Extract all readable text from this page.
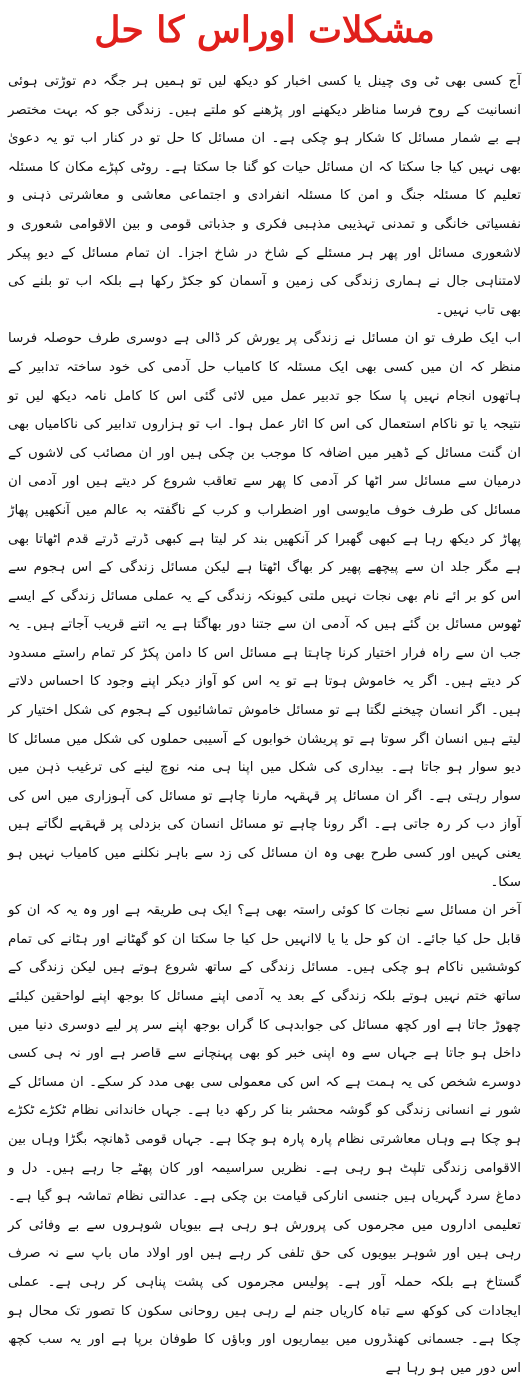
مشکلات اوراس کا حل

آج کسی بھی ٹی وی چینل یا کسی اخبار کو دیکھ لیں تو ہمیں ہر جگہ دم توڑتی ہوئی انسانیت کے روح فرسا مناظر دیکھنے اور پڑھنے کو ملتے ہیں۔ زندگی جو کہ بہت مختصر ہے بے شمار مسائل کا شکار ہو چکی ہے۔ ان مسائل کا حل تو در کنار اب تو یہ دعویٰ بھی نہیں کیا جا سکتا کہ ان مسائل حیات کو گنا جا سکتا ہے۔ روٹی کپڑے مکان کا مسئلہ تعلیم کا مسئلہ جنگ و امن کا مسئلہ انفرادی و اجتماعی معاشی و معاشرتی ذہنی و نفسیاتی خانگی و تمدنی تہذیبی مذہبی فکری و جذباتی قومی و بین الاقوامی شعوری و لاشعوری مسائل اور پھر ہر مسئلے کے شاخ در شاخ اجزا۔ ان تمام مسائل کے دیو پیکر لامتناہی جال نے ہماری زندگی کی زمین و آسمان کو جکڑ رکھا ہے بلکہ اب تو بلنے کی بھی تاب نہیں۔

اب ایک طرف تو ان مسائل نے زندگی پر یورش کر ڈالی ہے دوسری طرف حوصلہ فرسا منظر کہ ان میں کسی بھی ایک مسئلہ کا کامیاب حل آدمی کی خود ساختہ تدابیر کے ہاتھوں انجام نہیں پا سکا جو تدبیر عمل میں لائی گئی اس کا کامل نامہ دیکھ لیں تو نتیجہ یا تو ناکام استعمال کی اس کا اثار عمل ہوا۔ اب تو ہزاروں تدابیر کی ناکامیاں بھی ان گنت مسائل کے ڈھیر میں اضافہ کا موجب بن چکی ہیں اور ان مصائب کی لاشوں کے درمیان سے مسائل سر اٹھا کر آدمی کا پھر سے تعاقب شروع کر دیتے ہیں اور آدمی ان مسائل کی طرف خوف مایوسی اور اضطراب و کرب کے ناگفتہ بہ عالم میں آنکھیں پھاڑ پھاڑ کر دیکھ رہا ہے کبھی گھبرا کر آنکھیں بند کر لیتا ہے کبھی ڈرتے ڈرتے قدم اٹھاتا بھی ہے مگر جلد ان سے پیچھے پھیر کر بھاگ اٹھتا ہے لیکن مسائل زندگی کے اس ہجوم سے اس کو بر ائے نام بھی نجات نہیں ملتی کیونکہ زندگی کے یہ عملی مسائل زندگی کے ایسے ٹھوس مسائل بن گئے ہیں کہ آدمی ان سے جتنا دور بھاگتا ہے یہ اتنے قریب آجاتے ہیں۔ یہ جب ان سے راہ فرار اختیار کرنا چاہتا ہے مسائل اس کا دامن پکڑ کر تمام راستے مسدود کر دیتے ہیں۔ اگر یہ خاموش ہوتا ہے تو یہ اس کو آواز دیکر اپنے وجود کا احساس دلاتے ہیں۔ اگر انسان چیخنے لگتا ہے تو مسائل خاموش تماشائیوں کے ہجوم کی شکل اختیار کر لیتے ہیں انسان اگر سوتا ہے تو پریشان خوابوں کے آسیبی حملوں کی شکل میں مسائل کا دیو سوار ہو جاتا ہے۔ بیداری کی شکل میں اپنا ہی منہ نوچ لینے کی ترغیب ذہن میں سوار رہتی ہے۔ اگر ان مسائل پر قہقہہ مارنا چاہے تو مسائل کی آہوزاری میں اس کی آواز دب کر رہ جاتی ہے۔ اگر رونا چاہے تو مسائل انسان کی بزدلی پر قہقہے لگاتے ہیں یعنی کہیں اور کسی طرح بھی وہ ان مسائل کی زد سے باہر نکلنے میں کامیاب نہیں ہو سکا۔

آخر ان مسائل سے نجات کا کوئی راستہ بھی ہے؟ ایک ہی طریقہ ہے اور وہ یہ کہ ان کو قابل حل کیا جائے۔ ان کو حل یا یا لاانہیں حل کیا جا سکتا ان کو گھٹانے اور ہٹانے کی تمام کوششیں ناکام ہو چکی ہیں۔ مسائل زندگی کے ساتھ شروع ہوتے ہیں لیکن زندگی کے ساتھ ختم نہیں ہوتے بلکہ زندگی کے بعد یہ آدمی اپنے مسائل کا بوجھ اپنے لواحقین کیلئے چھوڑ جاتا ہے اور کچھ مسائل کی جوابدہی کا گراں بوجھ اپنے سر پر لیے دوسری دنیا میں داخل ہو جاتا ہے جہاں سے وہ اپنی خبر کو بھی پہنچانے سے قاصر ہے اور نہ ہی کسی دوسرے شخص کی یہ ہمت ہے کہ اس کی معمولی سی بھی مدد کر سکے۔ ان مسائل کے شور نے انسانی زندگی کو گوشہ محشر بنا کر رکھ دیا ہے۔ جہاں خاندانی نظام ٹکڑے ٹکڑے ہو چکا ہے وہاں معاشرتی نظام پارہ پارہ ہو چکا ہے۔ جہاں قومی ڈھانچہ بگڑا وہاں بین الاقوامی زندگی تلپٹ ہو رہی ہے۔ نظریں سراسیمہ اور کان پھٹے جا رہے ہیں۔ دل و دماغ سرد گہریاں ہیں جنسی انارکی قیامت بن چکی ہے۔ عدالتی نظام تماشہ ہو گیا ہے۔ تعلیمی اداروں میں مجرموں کی پرورش ہو رہی ہے بیویاں شوہروں سے بے وفائی کر رہی ہیں اور شوہر بیویوں کی حق تلفی کر رہے ہیں اور اولاد ماں باپ سے نہ صرف گستاخ ہے بلکہ حملہ آور ہے۔ پولیس مجرموں کی پشت پناہی کر رہی ہے۔ عملی ایجادات کی کوکھ سے تباہ کاریاں جنم لے رہی ہیں روحانی سکون کا تصور تک محال ہو چکا ہے۔ جسمانی کھنڈروں میں بیماریوں اور وباؤں کا طوفان برپا ہے اور یہ سب کچھ اس دور میں ہو رہا ہے
